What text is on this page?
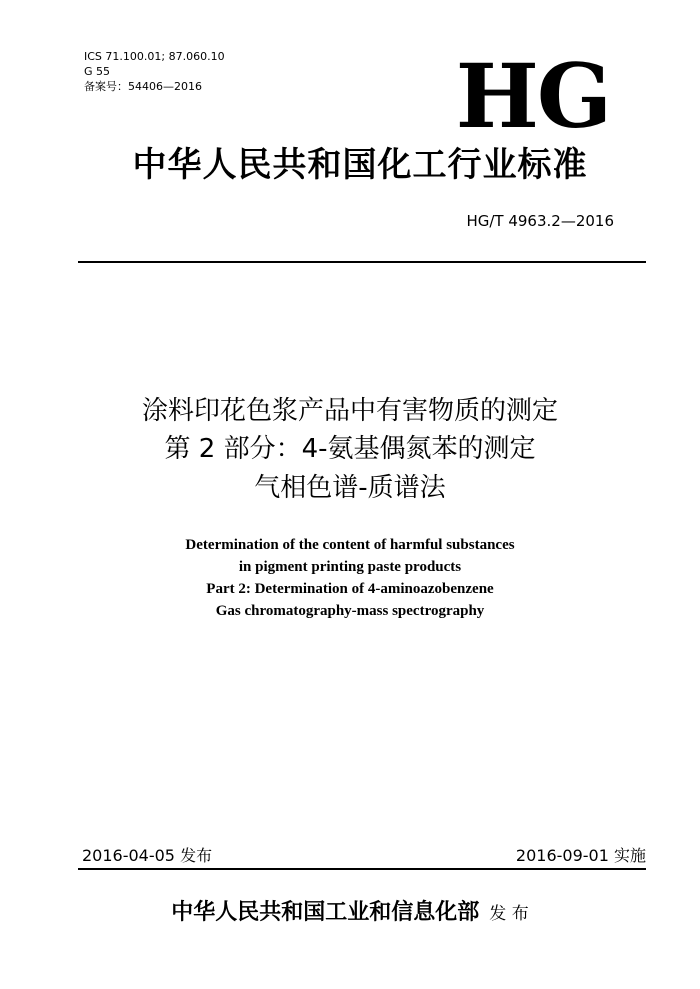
ICS 71.100.01; 87.060.10
G 55
备案号：54406—2016	HG
中华人民共和国化工行业标准
HG/T 4963.2—2016
涂料印花色浆产品中有害物质的测定
第 2 部分：4-氨基偶氮苯的测定
气相色谱-质谱法
Determination of the content of harmful substances
in pigment printing paste products
Part 2: Determination of 4-aminoazobenzene
Gas chromatography-mass spectrography
2016-04-05 发布	2016-09-01 实施
中华人民共和国工业和信息化部 发 布
